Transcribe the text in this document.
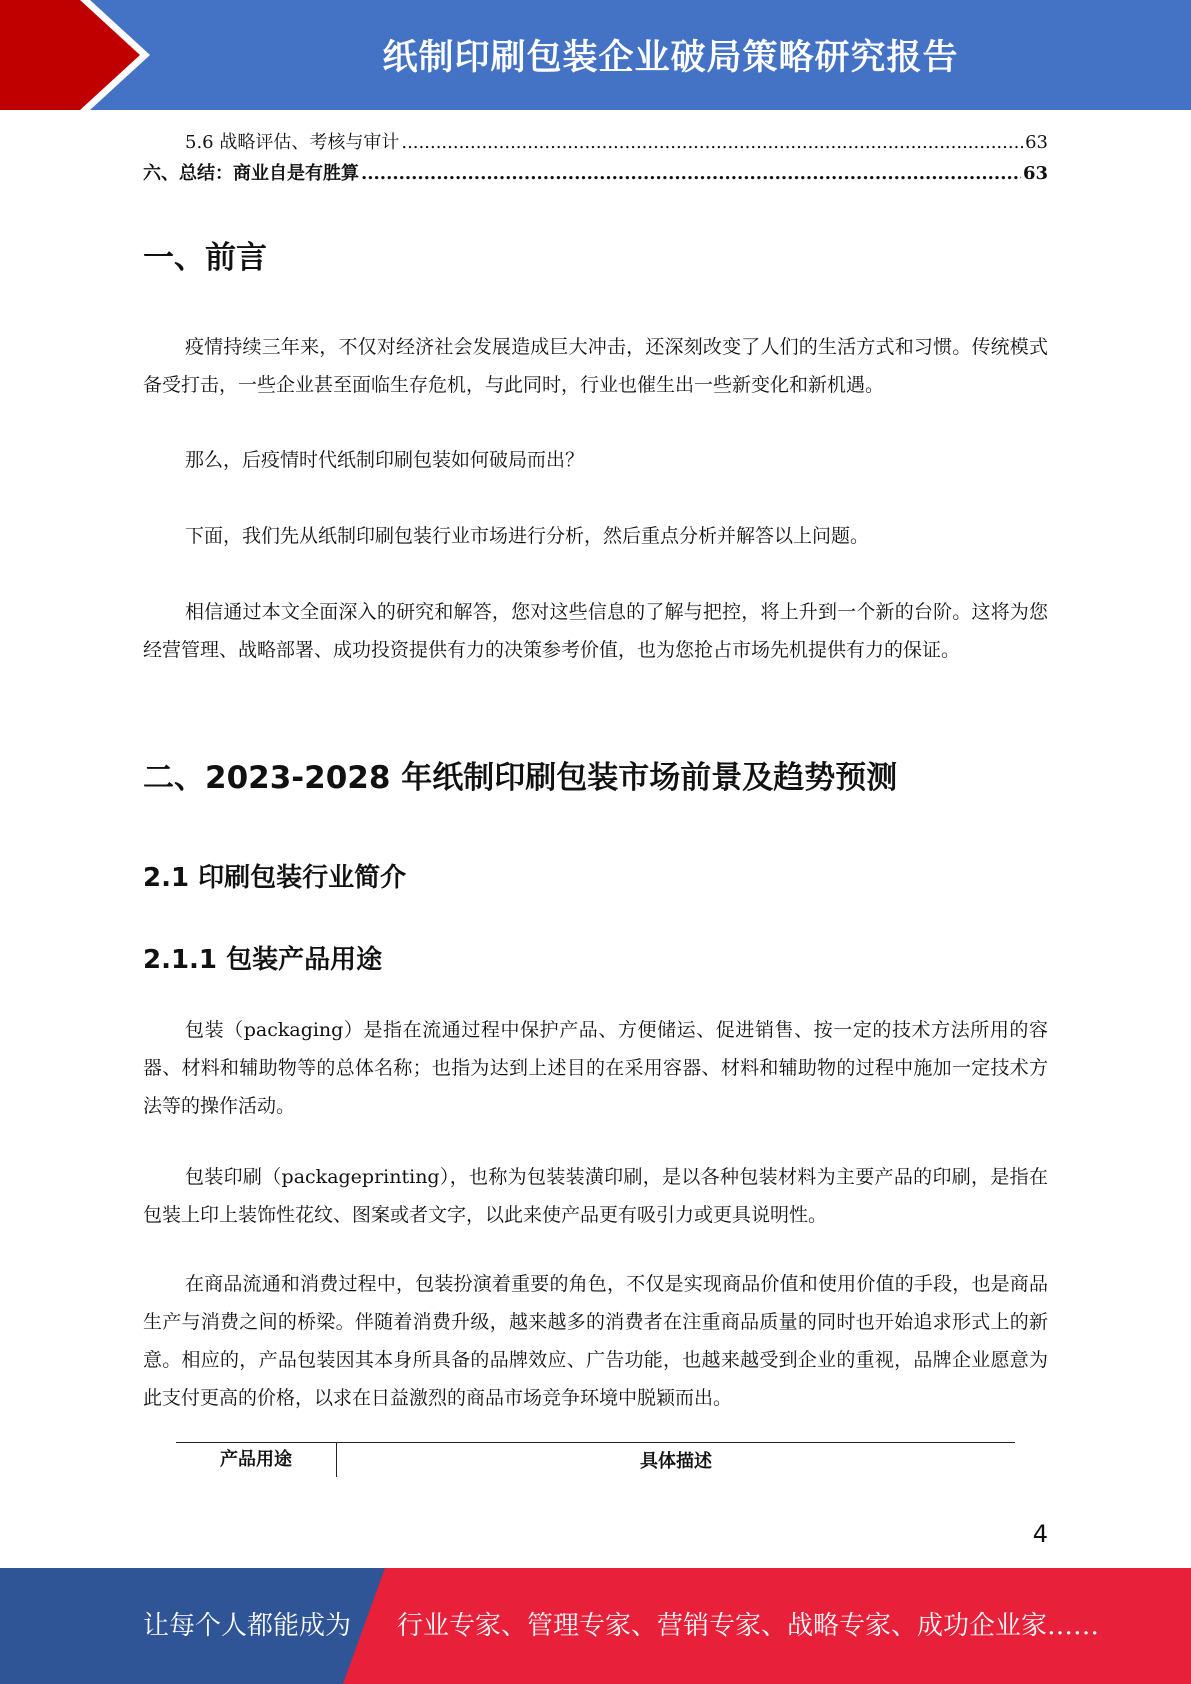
纸制印刷包装企业破局策略研究报告
5.6 战略评估、考核与审计 .....	63
六、总结：商业自是有胜算 .....	63
一、前言

疫情持续三年来，不仅对经济社会发展造成巨大冲击，还深刻改变了人们的生活方式和习惯。传统模式备受打击，一些企业甚至面临生存危机，与此同时，行业也催生出一些新变化和新机遇。

那么，后疫情时代纸制印刷包装如何破局而出？

下面，我们先从纸制印刷包装行业市场进行分析，然后重点分析并解答以上问题。

相信通过本文全面深入的研究和解答，您对这些信息的了解与把控，将上升到一个新的台阶。这将为您经营管理、战略部署、成功投资提供有力的决策参考价值，也为您抢占市场先机提供有力的保证。

二、2023-2028 年纸制印刷包装市场前景及趋势预测
2.1 印刷包装行业简介
2.1.1 包装产品用途

包装（packaging）是指在流通过程中保护产品、方便储运、促进销售、按一定的技术方法所用的容器、材料和辅助物等的总体名称；也指为达到上述目的在采用容器、材料和辅助物的过程中施加一定技术方法等的操作活动。

包装印刷（packageprinting），也称为包装装潢印刷，是以各种包装材料为主要产品的印刷，是指在包装上印上装饰性花纹、图案或者文字，以此来使产品更有吸引力或更具说明性。

在商品流通和消费过程中，包装扮演着重要的角色，不仅是实现商品价值和使用价值的手段，也是商品生产与消费之间的桥梁。伴随着消费升级，越来越多的消费者在注重商品质量的同时也开始追求形式上的新意。相应的，产品包装因其本身所具备的品牌效应、广告功能，也越来越受到企业的重视，品牌企业愿意为此支付更高的价格，以求在日益激烈的商品市场竞争环境中脱颖而出。

产品用途	具体描述
4
让每个人都能成为 行业专家、管理专家、营销专家、战略专家、成功企业家……
